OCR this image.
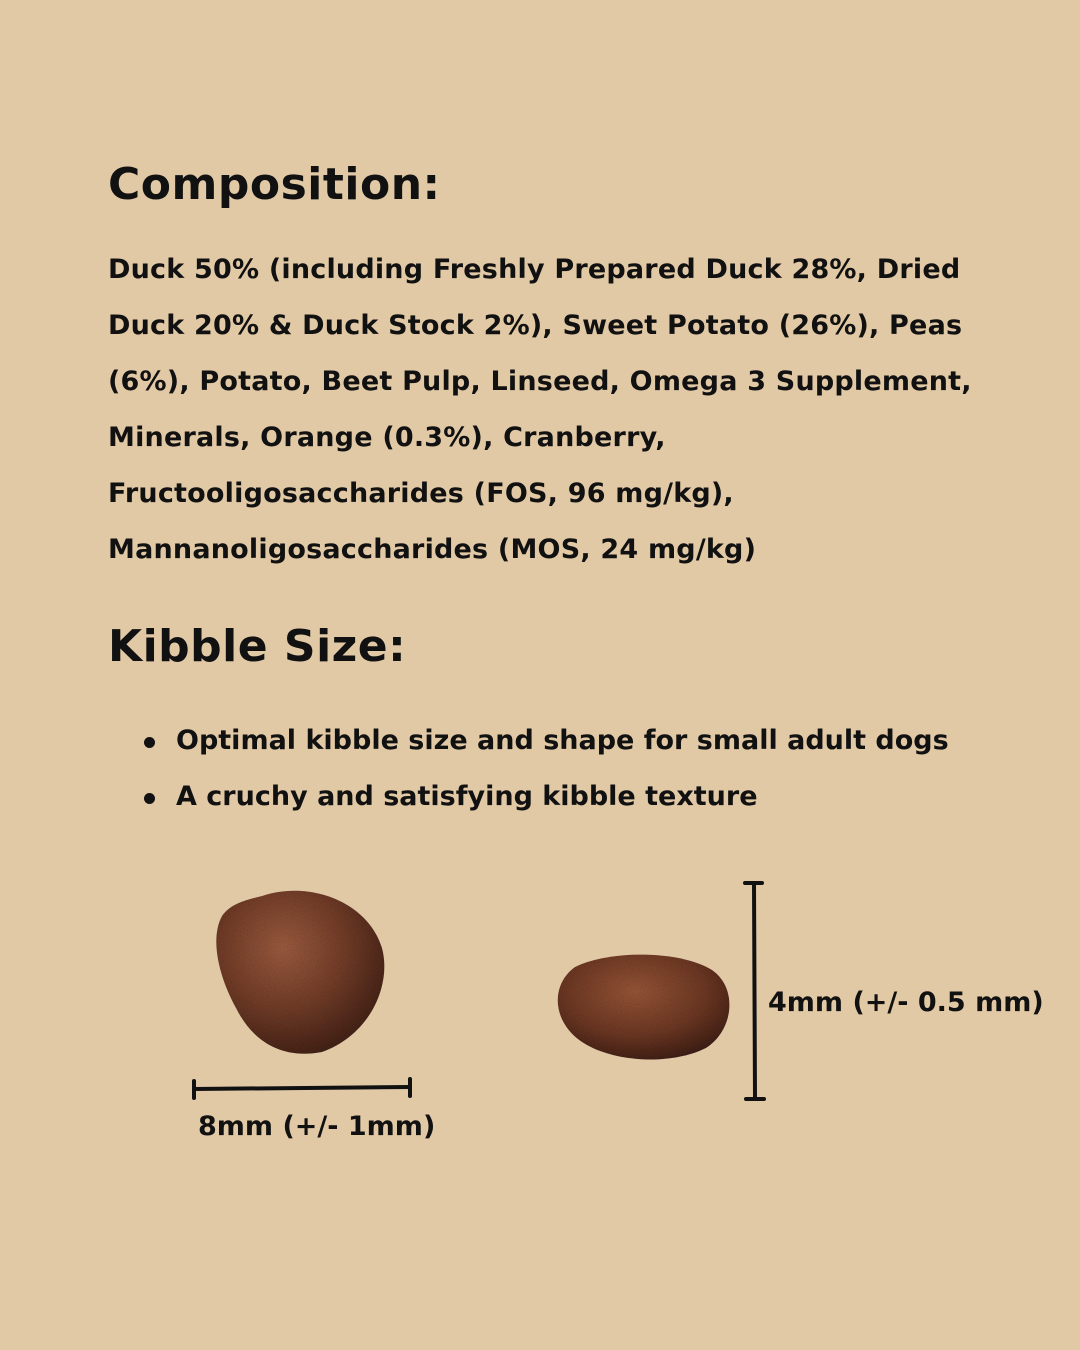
Composition:

Duck 50% (including Freshly Prepared Duck 28%, Dried Duck 20% & Duck Stock 2%), Sweet Potato (26%), Peas (6%), Potato, Beet Pulp, Linseed, Omega 3 Supplement, Minerals, Orange (0.3%), Cranberry, Fructooligosaccharides (FOS, 96 mg/kg), Mannanoligosaccharides (MOS, 24 mg/kg)

Kibble Size:
Optimal kibble size and shape for small adult dogs
A cruchy and satisfying kibble texture

8mm (+/- 1mm)

4mm (+/- 0.5 mm)
